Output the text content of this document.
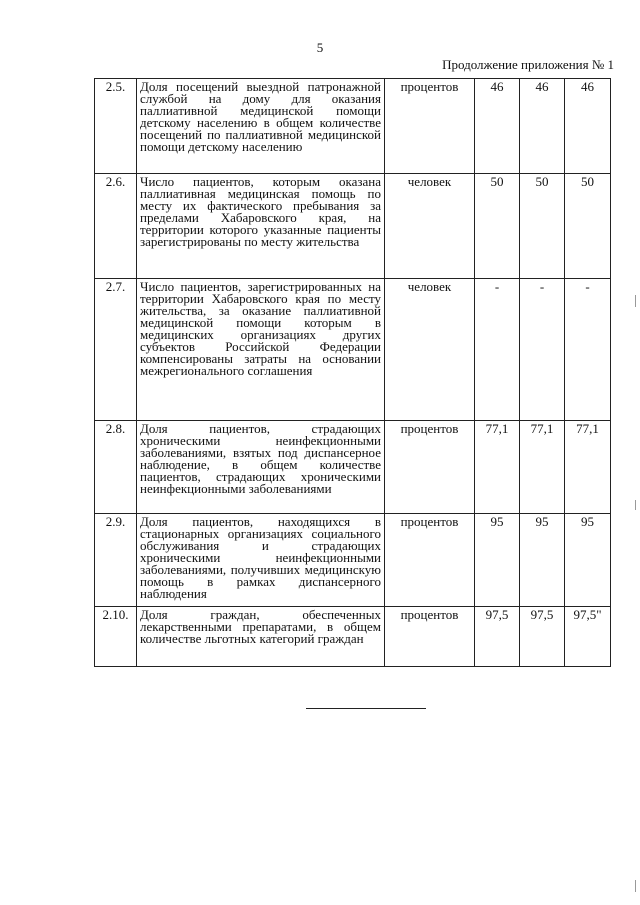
5
Продолжение приложения № 1
2.5.	Доля посещений выездной патронажной службой на дому для оказания паллиативной медицинской помощи детскому населению в общем количестве посещений по паллиативной медицинской помощи детскому населению	процентов	46	46	46
2.6.	Число пациентов, которым оказана паллиативная медицинская помощь по месту их фактического пребывания за пределами Хабаровского края, на территории которого указанные пациенты зарегистрированы по месту жительства	человек	50	50	50
2.7.	Число пациентов, зарегистрированных на территории Хабаровского края по месту жительства, за оказание паллиативной медицинской помощи которым в медицинских организациях других субъектов Российской Федерации компенсированы затраты на основании межрегионального соглашения	человек	-	-	-
2.8.	Доля пациентов, страдающих хроническими неинфекционными заболеваниями, взятых под диспансерное наблюдение, в общем количестве пациентов, страдающих хроническими неинфекционными заболеваниями	процентов	77,1	77,1	77,1
2.9.	Доля пациентов, находящихся в стационарных организациях социального обслуживания и страдающих хроническими неинфекционными заболеваниями, получивших медицинскую помощь в рамках диспансерного наблюдения	процентов	95	95	95
2.10.	Доля граждан, обеспеченных лекарственными препаратами, в общем количестве льготных категорий граждан	процентов	97,5	97,5	97,5"
